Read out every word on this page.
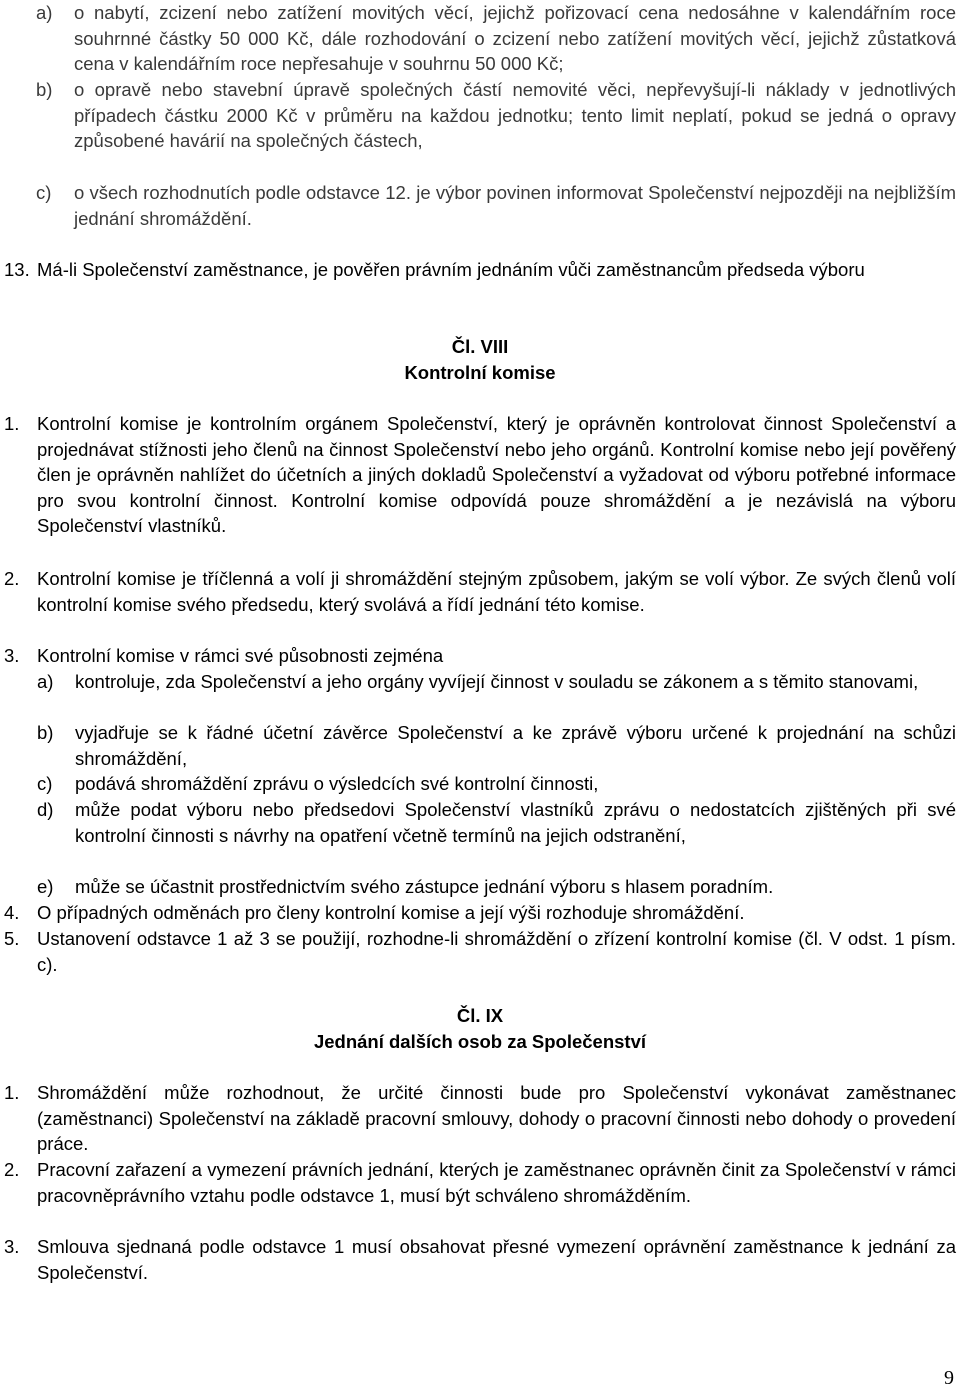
a)	o nabytí, zcizení nebo zatížení movitých věcí, jejichž pořizovací cena nedosáhne v kalendářním roce souhrnné částky 50 000 Kč, dále rozhodování o zcizení nebo zatížení movitých věcí, jejichž zůstatková cena v kalendářním roce nepřesahuje v souhrnu 50 000 Kč;
b)	o opravě nebo stavební úpravě společných částí nemovité věci, nepřevyšují-li náklady v jednotlivých případech částku 2000 Kč v průměru na každou jednotku; tento limit neplatí, pokud se jedná o opravy způsobené havárií na společných částech,
c)	o všech rozhodnutích podle odstavce 12. je výbor povinen informovat Společenství nejpozději na nejbližším jednání shromáždění.
13. Má-li Společenství zaměstnance, je pověřen právním jednáním vůči zaměstnancům předseda výboru
Čl. VIII
Kontrolní komise
1. Kontrolní komise je kontrolním orgánem Společenství, který je oprávněn kontrolovat činnost Společenství a projednávat stížnosti jeho členů na činnost Společenství nebo jeho orgánů. Kontrolní komise nebo její pověřený člen je oprávněn nahlížet do účetních a jiných dokladů Společenství a vyžadovat od výboru potřebné informace pro svou kontrolní činnost. Kontrolní komise odpovídá pouze shromáždění a je nezávislá na výboru Společenství vlastníků.
2. Kontrolní komise je tříčlenná a volí ji shromáždění stejným způsobem, jakým se volí výbor. Ze svých členů volí kontrolní komise svého předsedu, který svolává a řídí jednání této komise.
3. Kontrolní komise v rámci své působnosti zejména
a)	kontroluje, zda Společenství a jeho orgány vyvíjejí činnost v souladu se zákonem a s těmito stanovami,
b)	vyjadřuje se k řádné účetní závěrce Společenství a ke zprávě výboru určené k projednání na schůzi shromáždění,
c)	podává shromáždění zprávu o výsledcích své kontrolní činnosti,
d)	může podat výboru nebo předsedovi Společenství vlastníků zprávu o nedostatcích zjištěných při své kontrolní činnosti s návrhy na opatření včetně termínů na jejich odstranění,
e)	může se účastnit prostřednictvím svého zástupce jednání výboru s hlasem poradním.
4. O případných odměnách pro členy kontrolní komise a její výši rozhoduje shromáždění.
5. Ustanovení odstavce 1 až 3 se použijí, rozhodne-li shromáždění o zřízení kontrolní komise (čl. V odst. 1 písm. c).
Čl. IX
Jednání dalších osob za Společenství
1. Shromáždění může rozhodnout, že určité činnosti bude pro Společenství vykonávat zaměstnanec (zaměstnanci) Společenství na základě pracovní smlouvy, dohody o pracovní činnosti nebo dohody o provedení práce.
2. Pracovní zařazení a vymezení právních jednání, kterých je zaměstnanec oprávněn činit za Společenství v rámci pracovněprávního vztahu podle odstavce 1, musí být schváleno shromážděním.
3. Smlouva sjednaná podle odstavce 1 musí obsahovat přesné vymezení oprávnění zaměstnance k jednání za Společenství.
9
